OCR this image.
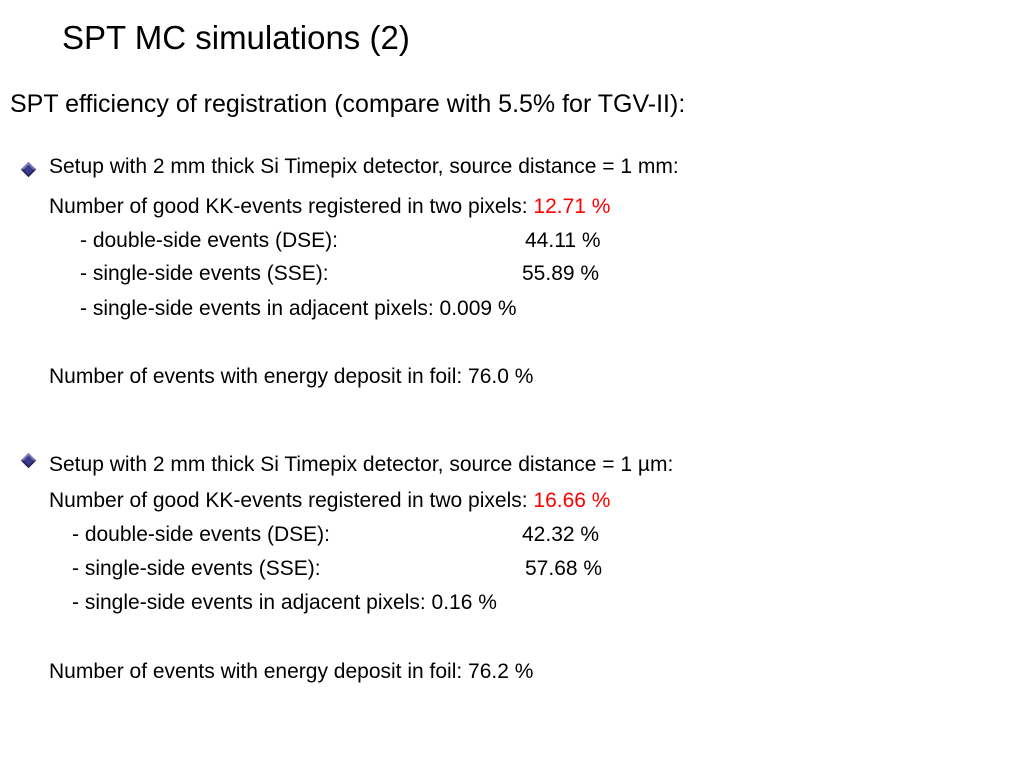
SPT MC simulations (2)
SPT efficiency of registration (compare with 5.5% for TGV-II):
Setup with 2 mm thick Si Timepix detector, source distance = 1 mm:
Number of good KK-events registered in two pixels: 12.71 %
- double-side events (DSE):	44.11 %
- single-side events (SSE):	55.89 %
- single-side events in adjacent pixels: 0.009 %
Number of events with energy deposit in foil: 76.0 %
Setup with 2 mm thick Si Timepix detector, source distance = 1 µm:
Number of good KK-events registered in two pixels: 16.66 %
- double-side events (DSE):	42.32 %
- single-side events (SSE):	57.68 %
- single-side events in adjacent pixels: 0.16 %
Number of events with energy deposit in foil: 76.2 %
